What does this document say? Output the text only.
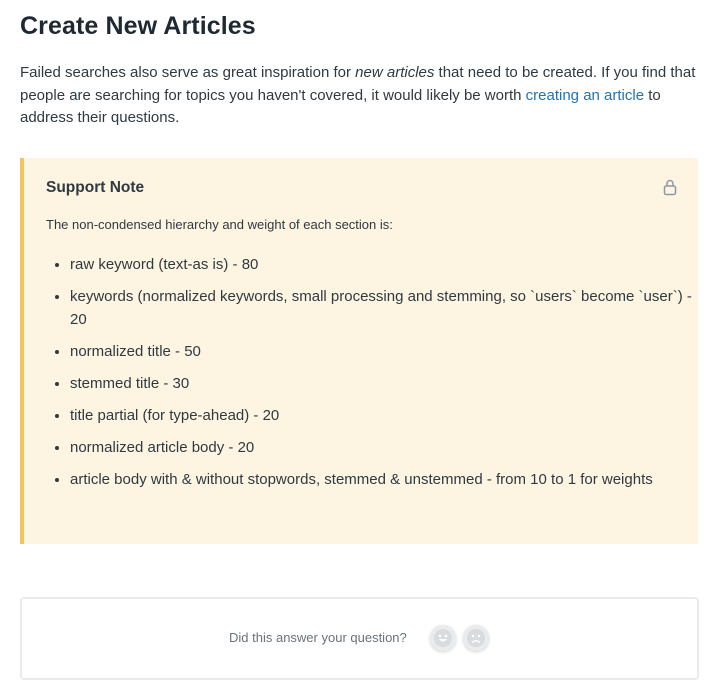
Create New Articles

Failed searches also serve as great inspiration for new articles that need to be created. If you find that people are searching for topics you haven't covered, it would likely be worth creating an article to address their questions.

Support Note

The non-condensed hierarchy and weight of each section is:

• raw keyword (text-as is) - 80
• keywords (normalized keywords, small processing and stemming, so `users` become `user`) - 20
• normalized title - 50
• stemmed title - 30
• title partial (for type-ahead) - 20
• normalized article body - 20
• article body with & without stopwords, stemmed & unstemmed - from 10 to 1 for weights

Did this answer your question?
